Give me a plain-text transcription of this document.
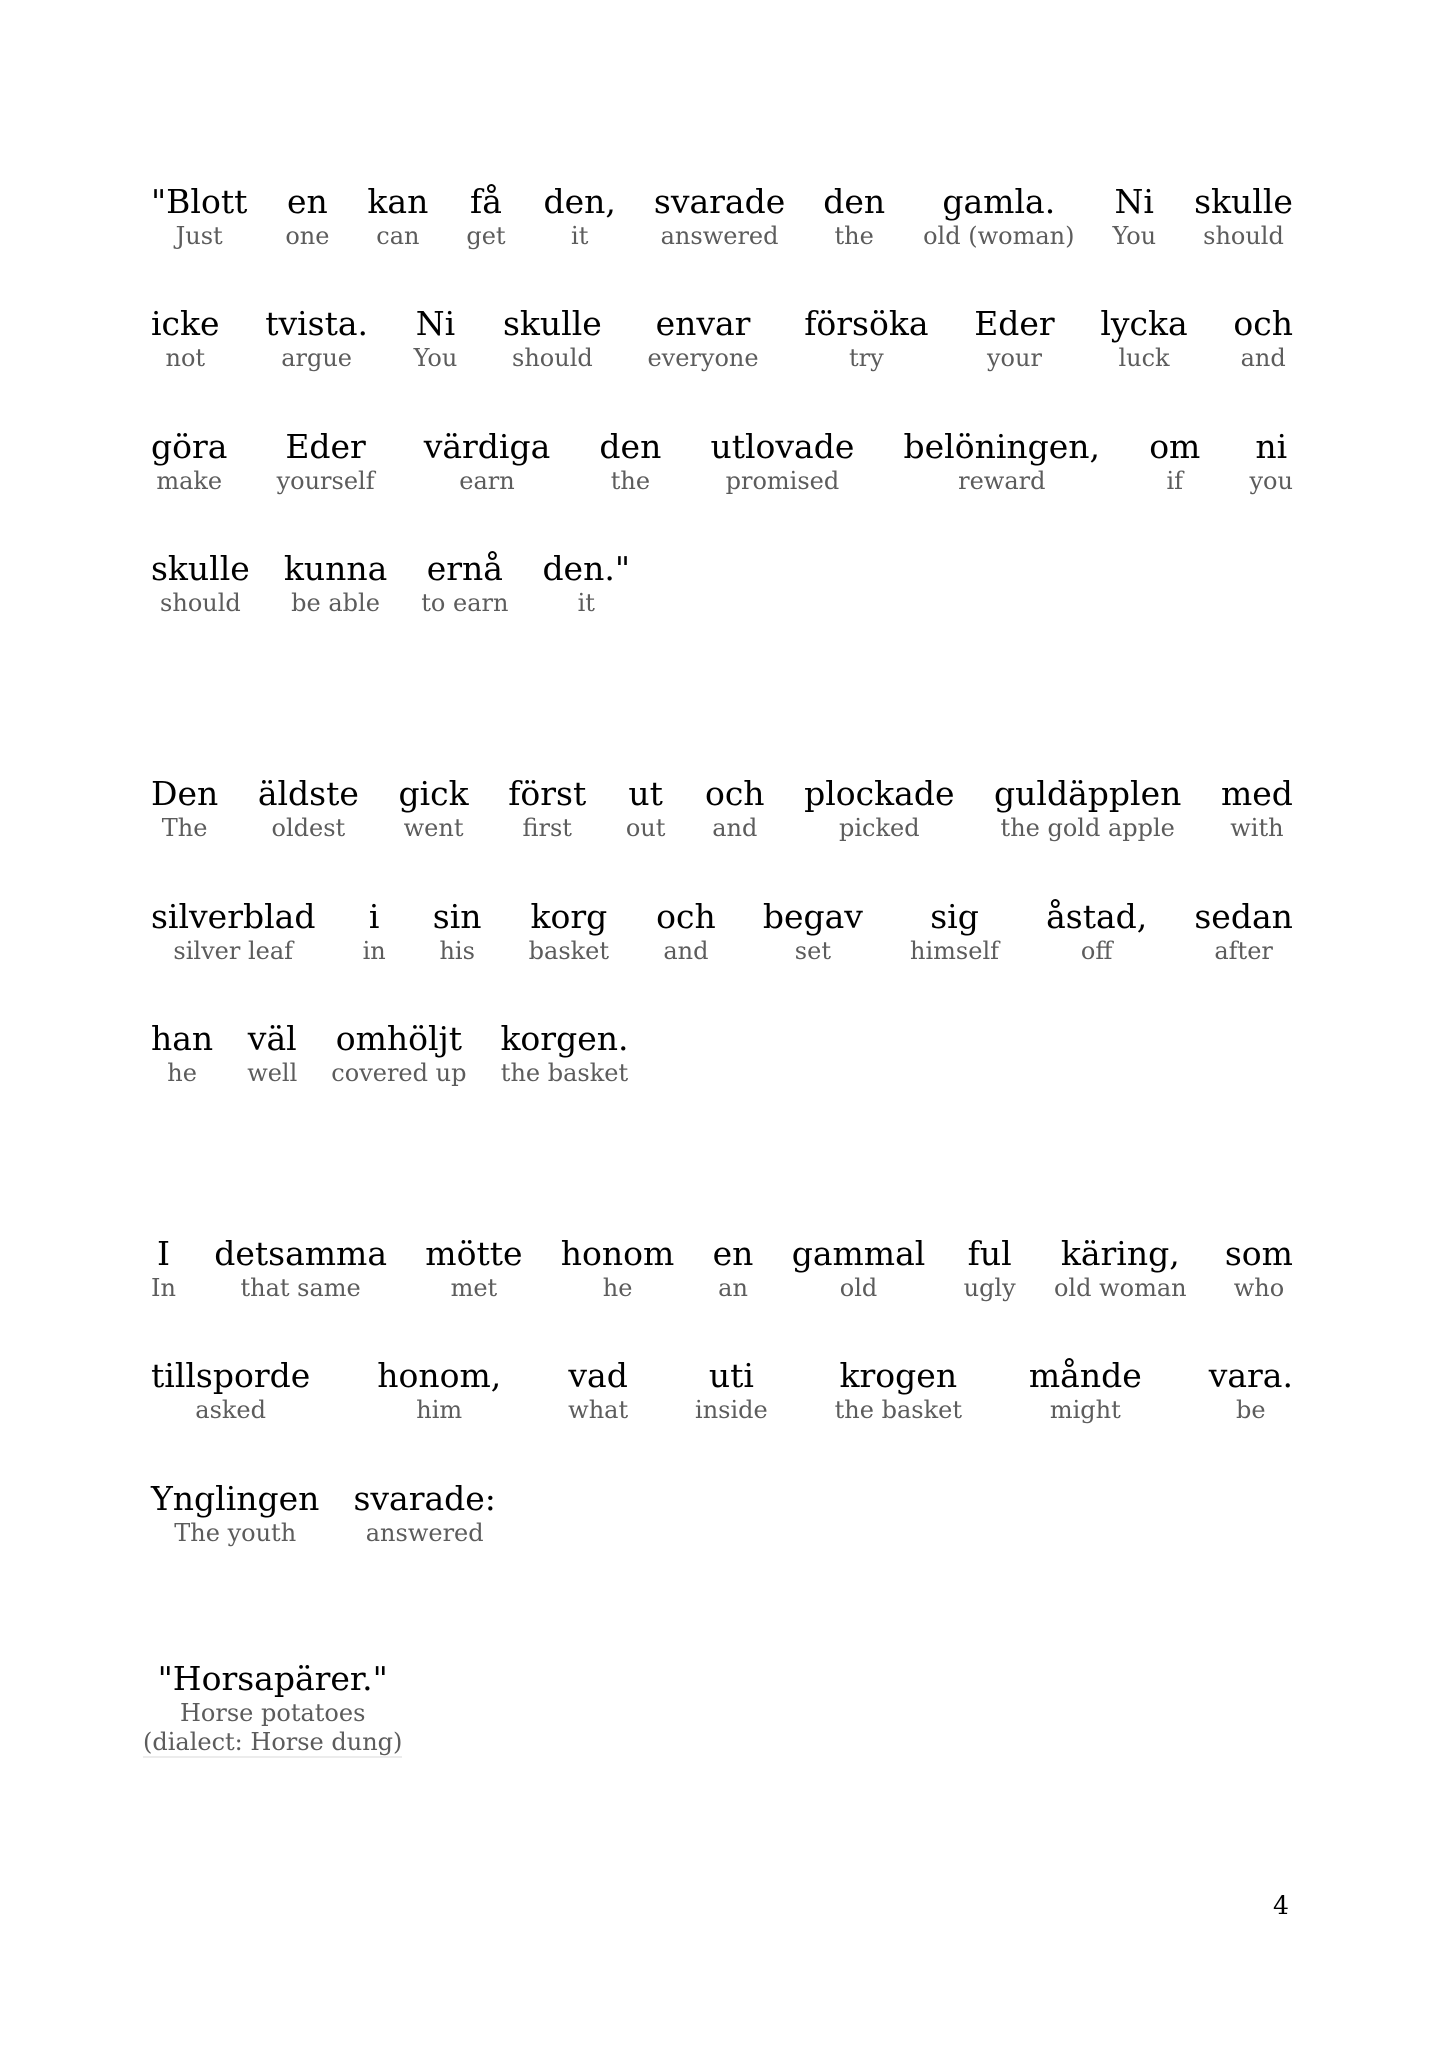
"Blott
Just
en
one
kan
can
få
get
den,
it
svarade
answered
den
the
gamla.
old (woman)
Ni
You
skulle
should
icke
not
tvista.
argue
Ni
You
skulle
should
envar
everyone
försöka
try
Eder
your
lycka
luck
och
and
göra
make
Eder
yourself
värdiga
earn
den
the
utlovade
promised
belöningen,
reward
om
if
ni
you
skulle
should
kunna
be able
ernå
to earn
den."
it
Den
The
äldste
oldest
gick
went
först
first
ut
out
och
and
plockade
picked
guldäpplen
the gold apple
med
with
silverblad
silver leaf
i
in
sin
his
korg
basket
och
and
begav
set
sig
himself
åstad,
off
sedan
after
han
he
väl
well
omhöljt
covered up
korgen.
the basket
I
In
detsamma
that same
mötte
met
honom
he
en
an
gammal
old
ful
ugly
käring,
old woman
som
who
tillsporde
asked
honom,
him
vad
what
uti
inside
krogen
the basket
månde
might
vara.
be
Ynglingen
The youth
svarade:
answered
"Horsapärer."
Horse potatoes
(dialect: Horse dung)
4
